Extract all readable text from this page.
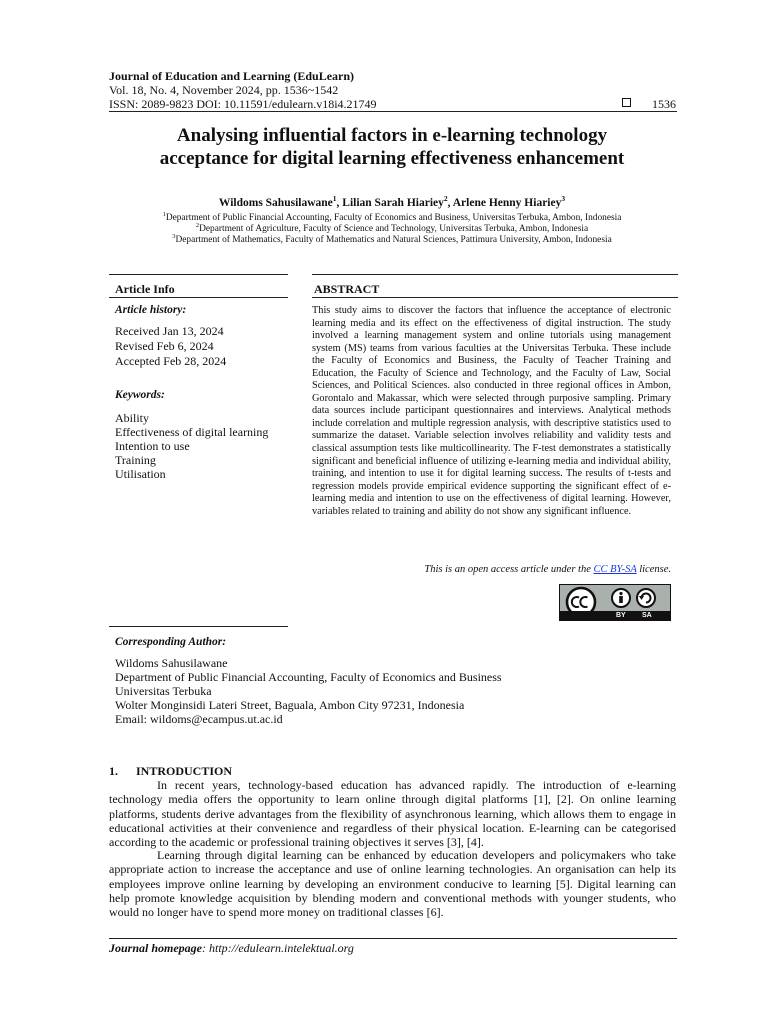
Journal of Education and Learning (EduLearn)
Vol. 18, No. 4, November 2024, pp. 1536~1542
ISSN: 2089-9823 DOI: 10.11591/edulearn.v18i4.21749	1536
Analysing influential factors in e-learning technology
acceptance for digital learning effectiveness enhancement
Wildoms Sahusilawane$^1$, Lilian Sarah Hiariey$^2$, Arlene Henny Hiariey$^3$
$^1$Department of Public Financial Accounting, Faculty of Economics and Business, Universitas Terbuka, Ambon, Indonesia
$^2$Department of Agriculture, Faculty of Science and Technology, Universitas Terbuka, Ambon, Indonesia
$^3$Department of Mathematics, Faculty of Mathematics and Natural Sciences, Pattimura University, Ambon, Indonesia
Article Info
Article history:
Received Jan 13, 2024
Revised Feb 6, 2024
Accepted Feb 28, 2024
Keywords:
Ability
Effectiveness of digital learning
Intention to use
Training
Utilisation
ABSTRACT
This study aims to discover the factors that influence the acceptance of electronic learning media and its effect on the effectiveness of digital instruction. The study involved a learning management system and online tutorials using management system (MS) teams from various faculties at the Universitas Terbuka. These include the Faculty of Economics and Business, the Faculty of Teacher Training and Education, the Faculty of Science and Technology, and the Faculty of Law, Social Sciences, and Political Sciences. also conducted in three regional offices in Ambon, Gorontalo and Makassar, which were selected through purposive sampling. Primary data sources include participant questionnaires and interviews. Analytical methods include correlation and multiple regression analysis, with descriptive statistics used to summarize the dataset. Variable selection involves reliability and validity tests and classical assumption tests like multicollinearity. The F-test demonstrates a statistically significant and beneficial influence of utilizing e-learning media and individual ability, training, and intention to use it for digital learning success. The results of t-tests and regression models provide empirical evidence supporting the significant effect of e-learning media and intention to use on the effectiveness of digital learning. However, variables related to training and ability do not show any significant influence.
This is an open access article under the CC BY-SA license.
BY SA
Corresponding Author:
Wildoms Sahusilawane
Department of Public Financial Accounting, Faculty of Economics and Business
Universitas Terbuka
Wolter Monginsidi Lateri Street, Baguala, Ambon City 97231, Indonesia
Email: wildoms@ecampus.ut.ac.id
1. INTRODUCTION
In recent years, technology-based education has advanced rapidly. The introduction of e-learning technology media offers the opportunity to learn online through digital platforms [1], [2]. On online learning platforms, students derive advantages from the flexibility of asynchronous learning, which allows them to engage in educational activities at their convenience and regardless of their physical location. E-learning can be categorised according to the academic or professional training objectives it serves [3], [4].
Learning through digital learning can be enhanced by education developers and policymakers who take appropriate action to increase the acceptance and use of online learning technologies. An organisation can help its employees improve online learning by developing an environment conducive to learning [5]. Digital learning can help promote knowledge acquisition by blending modern and conventional methods with younger students, who would no longer have to spend more money on traditional classes [6].
Journal homepage: http://edulearn.intelektual.org
